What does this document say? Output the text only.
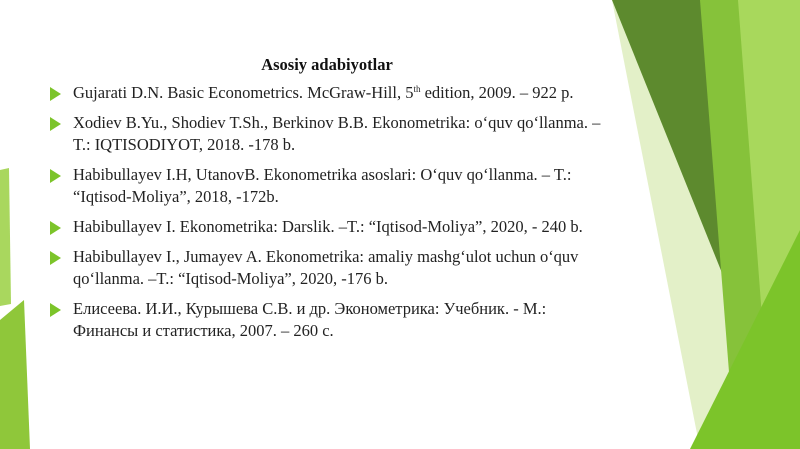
Asosiy adabiyotlar
Gujarati D.N. Basic Econometrics. McGraw-Hill, 5th edition, 2009. – 922 p.
Xodiev B.Yu., Shodiev T.Sh., Berkinov B.B. Ekonometrika: o‘quv qo‘llanma. –T.: IQTISODIYOT, 2018. -178 b.
Habibullayev I.H, UtanovB. Ekonometrika asoslari: O‘quv qo‘llanma. – T.: “Iqtisod-Moliya”, 2018, -172b.
Habibullayev I. Ekonometrika: Darslik. –T.: “Iqtisod-Moliya”, 2020, - 240 b.
Habibullayev I., Jumayev A. Ekonometrika: amaliy mashg‘ulot uchun o‘quv qo‘llanma. –T.: “Iqtisod-Moliya”, 2020, -176 b.
Елисеева. И.И., Курышева С.В. и др. Эконометрика: Учебник. - М.: Финансы и статистика, 2007. – 260 с.
